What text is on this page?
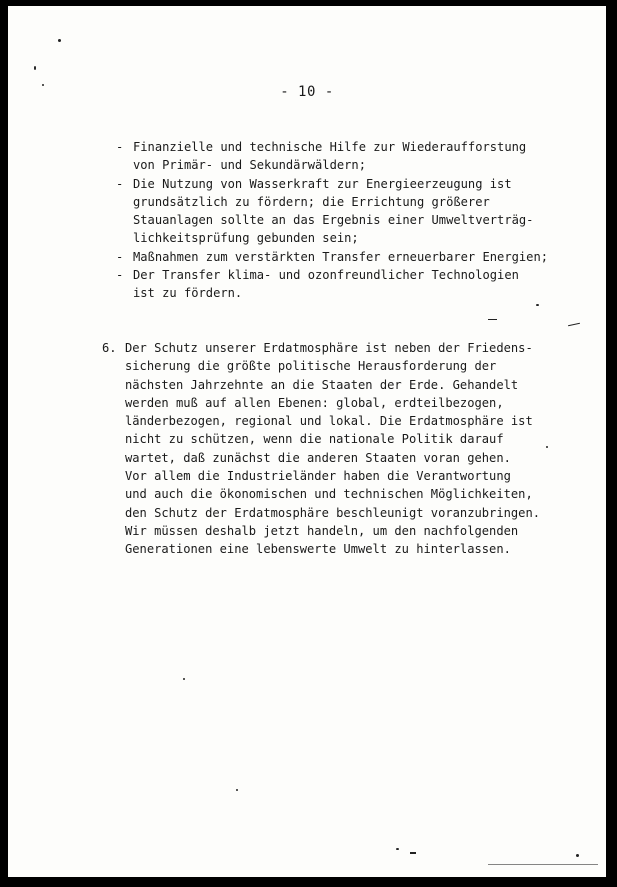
- 10 -
- Finanzielle und technische Hilfe zur Wiederaufforstung
von Primär- und Sekundärwäldern;
- Die Nutzung von Wasserkraft zur Energieerzeugung ist
grundsätzlich zu fördern; die Errichtung größerer
Stauanlagen sollte an das Ergebnis einer Umweltverträg-
lichkeitsprüfung gebunden sein;
- Maßnahmen zum verstärkten Transfer erneuerbarer Energien;
- Der Transfer klima- und ozonfreundlicher Technologien
ist zu fördern.
6. Der Schutz unserer Erdatmosphäre ist neben der Friedens-
sicherung die größte politische Herausforderung der
nächsten Jahrzehnte an die Staaten der Erde. Gehandelt
werden muß auf allen Ebenen: global, erdteilbezogen,
länderbezogen, regional und lokal. Die Erdatmosphäre ist
nicht zu schützen, wenn die nationale Politik darauf
wartet, daß zunächst die anderen Staaten voran gehen.
Vor allem die Industrieländer haben die Verantwortung
und auch die ökonomischen und technischen Möglichkeiten,
den Schutz der Erdatmosphäre beschleunigt voranzubringen.
Wir müssen deshalb jetzt handeln, um den nachfolgenden
Generationen eine lebenswerte Umwelt zu hinterlassen.
